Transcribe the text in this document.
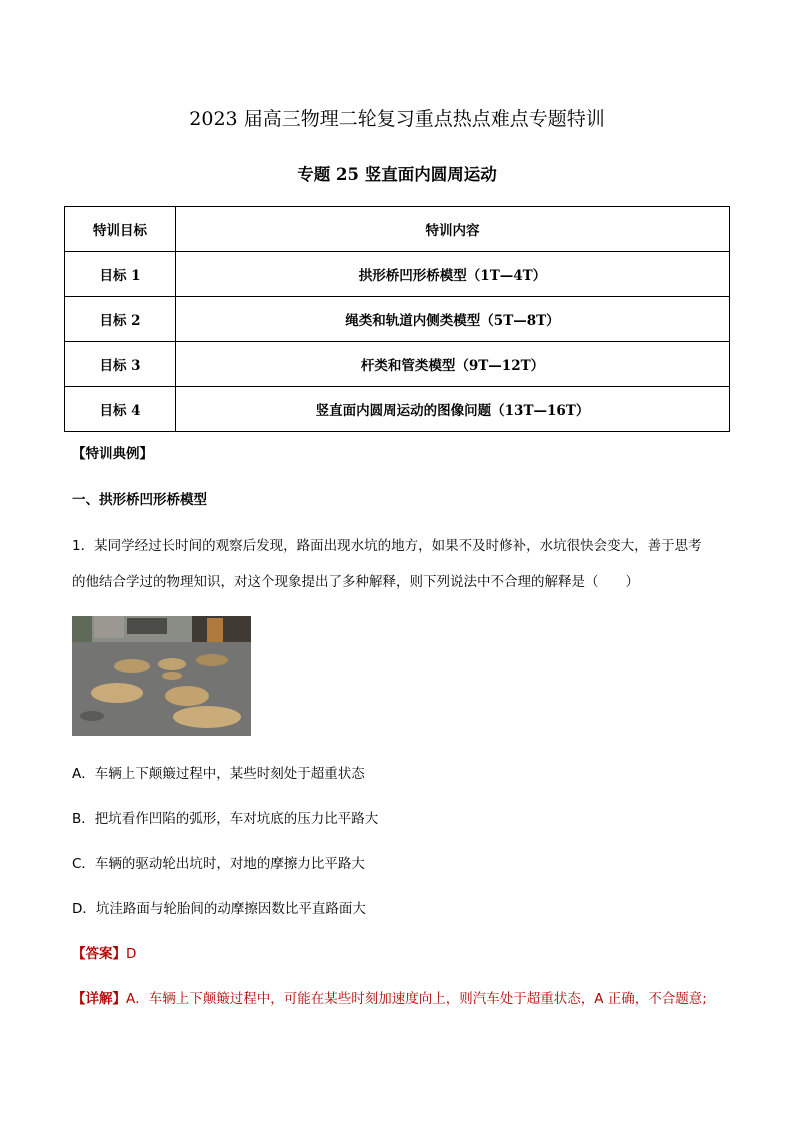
2023 届高三物理二轮复习重点热点难点专题特训
专题 25 竖直面内圆周运动
特训目标	特训内容
目标 1	拱形桥凹形桥模型（1T—4T）
目标 2	绳类和轨道内侧类模型（5T—8T）
目标 3	杆类和管类模型（9T—12T）
目标 4	竖直面内圆周运动的图像问题（13T—16T）
【特训典例】
一、拱形桥凹形桥模型
1．某同学经过长时间的观察后发现，路面出现水坑的地方，如果不及时修补，水坑很快会变大，善于思考
的他结合学过的物理知识，对这个现象提出了多种解释，则下列说法中不合理的解释是（　　）
A．车辆上下颠簸过程中，某些时刻处于超重状态
B．把坑看作凹陷的弧形，车对坑底的压力比平路大
C．车辆的驱动轮出坑时，对地的摩擦力比平路大
D．坑洼路面与轮胎间的动摩擦因数比平直路面大
【答案】D
【详解】A．车辆上下颠簸过程中，可能在某些时刻加速度向上，则汽车处于超重状态，A 正确，不合题意;
